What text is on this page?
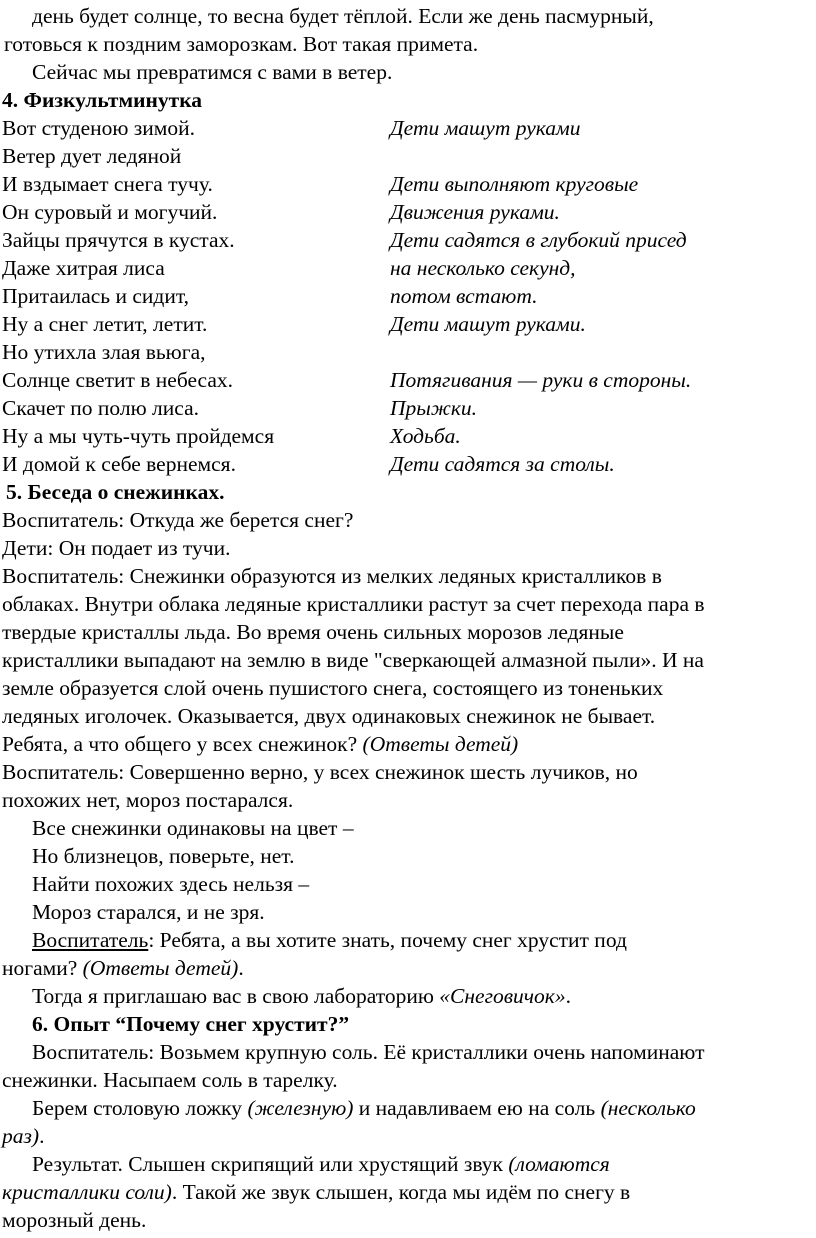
день будет солнце, то весна будет тёплой. Если же день пасмурный,
готовься к поздним заморозкам. Вот такая примета.
Сейчас мы превратимся с вами в ветер.
4. Физкультминутка
Вот студеною зимой.	Дети машут руками
Ветер дует ледяной
И вздымает снега тучу.	Дети выполняют круговые
Он суровый и могучий.	Движения руками.
Зайцы прячутся в кустах.	Дети садятся в глубокий присед
Даже хитрая лиса	на несколько секунд,
Притаилась и сидит,	потом встают.
Ну а снег летит, летит.	Дети машут руками.
Но утихла злая вьюга,
Солнце светит в небесах.	Потягивания — руки в стороны.
Скачет по полю лиса.	Прыжки.
Ну а мы чуть-чуть пройдемся	Ходьба.
И домой к себе вернемся.	Дети садятся за столы.
5. Беседа о снежинках.
Воспитатель: Откуда же берется снег?
Дети: Он подает из тучи.
Воспитатель: Снежинки образуются из мелких ледяных кристалликов в
облаках. Внутри облака ледяные кристаллики растут за счет перехода пара в
твердые кристаллы льда. Во время очень сильных морозов ледяные
кристаллики выпадают на землю в виде "сверкающей алмазной пыли». И на
земле образуется слой очень пушистого снега, состоящего из тоненьких
ледяных иголочек. Оказывается, двух одинаковых снежинок не бывает.
Ребята, а что общего у всех снежинок? (Ответы детей)
Воспитатель: Совершенно верно, у всех снежинок шесть лучиков, но
похожих нет, мороз постарался.
Все снежинки одинаковы на цвет –
Но близнецов, поверьте, нет.
Найти похожих здесь нельзя –
Мороз старался, и не зря.
Воспитатель: Ребята, а вы хотите знать, почему снег хрустит под
ногами? (Ответы детей).
Тогда я приглашаю вас в свою лабораторию «Снеговичок».
6. Опыт “Почему снег хрустит?”
Воспитатель: Возьмем крупную соль. Её кристаллики очень напоминают
снежинки. Насыпаем соль в тарелку.
Берем столовую ложку (железную) и надавливаем ею на соль (несколько
раз).
Результат. Слышен скрипящий или хрустящий звук (ломаются
кристаллики соли). Такой же звук слышен, когда мы идём по снегу в
морозный день.
